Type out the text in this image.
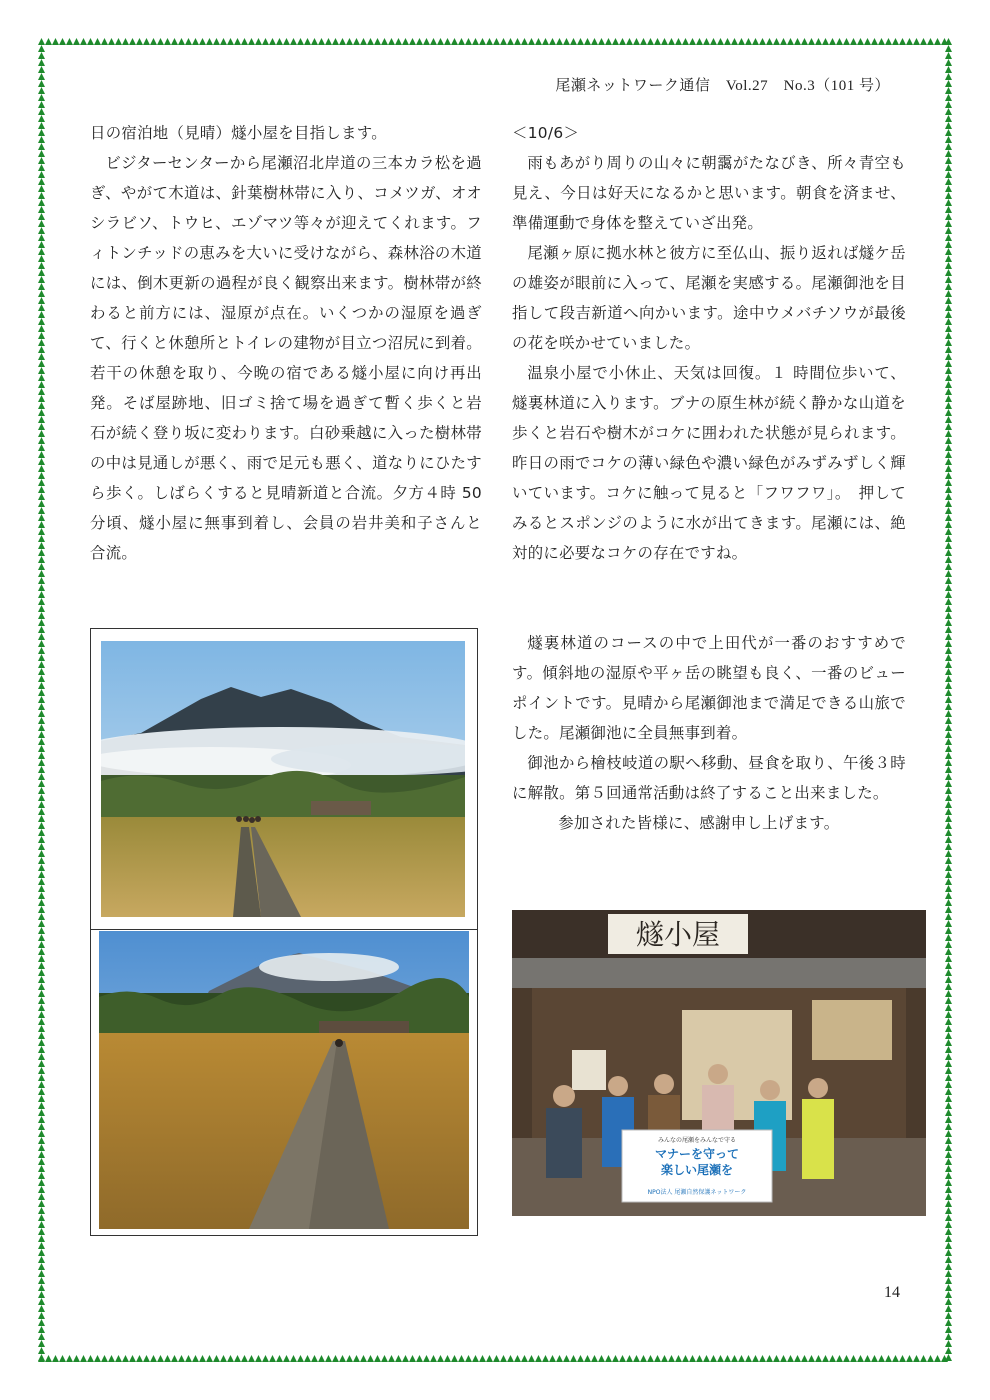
尾瀬ネットワーク通信　Vol.27　No.3（101 号）

日の宿泊地（見晴）燧小屋を目指します。

ビジターセンターから尾瀬沼北岸道の三本カラ松を過ぎ、やがて木道は、針葉樹林帯に入り、コメツガ、オオシラビソ、トウヒ、エゾマツ等々が迎えてくれます。フィトンチッドの恵みを大いに受けながら、森林浴の木道には、倒木更新の過程が良く観察出来ます。樹林帯が終わると前方には、湿原が点在。いくつかの湿原を過ぎて、行くと休憩所とトイレの建物が目立つ沼尻に到着。若干の休憩を取り、今晩の宿である燧小屋に向け再出発。そば屋跡地、旧ゴミ捨て場を過ぎて暫く歩くと岩石が続く登り坂に変わります。白砂乗越に入った樹林帯の中は見通しが悪く、雨で足元も悪く、道なりにひたすら歩く。しばらくすると見晴新道と合流。夕方４時 50 分頃、燧小屋に無事到着し、会員の岩井美和子さんと合流。

＜10/6＞

雨もあがり周りの山々に朝靄がたなびき、所々青空も見え、今日は好天になるかと思います。朝食を済ませ、準備運動で身体を整えていざ出発。

尾瀬ヶ原に拠水林と彼方に至仏山、振り返れば燧ケ岳の雄姿が眼前に入って、尾瀬を実感する。尾瀬御池を目指して段吉新道へ向かいます。途中ウメバチソウが最後の花を咲かせていました。

温泉小屋で小休止、天気は回復。１ 時間位歩いて、燧裏林道に入ります。ブナの原生林が続く静かな山道を歩くと岩石や樹木がコケに囲われた状態が見られます。昨日の雨でコケの薄い緑色や濃い緑色がみずみずしく輝いています。コケに触って見ると「フワフワ」。　押してみるとスポンジのように水が出てきます。尾瀬には、絶対的に必要なコケの存在ですね。

燧裏林道のコースの中で上田代が一番のおすすめです。傾斜地の湿原や平ヶ岳の眺望も良く、一番のビューポイントです。見晴から尾瀬御池まで満足できる山旅でした。尾瀬御池に全員無事到着。

御池から檜枝岐道の駅へ移動、昼食を取り、午後３時に解散。第５回通常活動は終了すること出来ました。

参加された皆様に、感謝申し上げます。

燧小屋
みんなの尾瀬をみんなで守る
マナーを守って
楽しい尾瀬を
NPO法人 尾瀬自然保護ネットワーク
14
